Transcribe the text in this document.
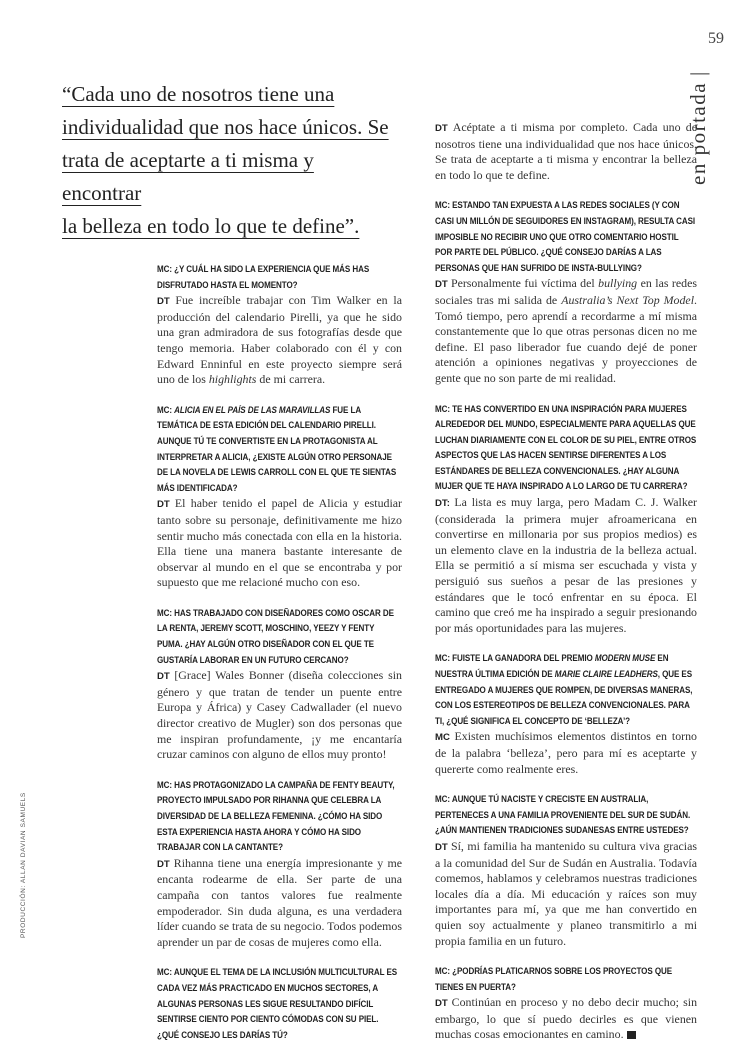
59
en portada|
PRODUCCIÓN: ALLAN DAVIAN SAMUELS

“Cada uno de nosotros tiene una
individualidad que nos hace únicos. Se
trata de aceptarte a ti misma y encontrar
la belleza en todo lo que te define”.

MC: ¿Y CUÁL HA SIDO LA EXPERIENCIA QUE MÁS HAS DISFRUTADO HASTA EL MOMENTO?

DT Fue increíble trabajar con Tim Walker en la producción del calendario Pirelli, ya que he sido una gran admiradora de sus fotografías desde que tengo memoria. Haber colaborado con él y con Edward Enninful en este proyecto siempre será uno de los highlights de mi carrera.

MC: ALICIA EN EL PAÍS DE LAS MARAVILLAS FUE LA TEMÁTICA DE ESTA EDICIÓN DEL CALENDARIO PIRELLI. AUNQUE TÚ TE CONVERTISTE EN LA PROTAGONISTA AL INTERPRETAR A ALICIA, ¿EXISTE ALGÚN OTRO PERSONAJE DE LA NOVELA DE LEWIS CARROLL CON EL QUE TE SIENTAS MÁS IDENTIFICADA?

DT El haber tenido el papel de Alicia y estudiar tanto sobre su personaje, definitivamente me hizo sentir mucho más conectada con ella en la historia. Ella tiene una manera bastante interesante de observar al mundo en el que se encontraba y por supuesto que me relacioné mucho con eso.

MC: HAS TRABAJADO CON DISEÑADORES COMO OSCAR DE LA RENTA, JEREMY SCOTT, MOSCHINO, YEEZY Y FENTY PUMA. ¿HAY ALGÚN OTRO DISEÑADOR CON EL QUE TE GUSTARÍA LABORAR EN UN FUTURO CERCANO?

DT [Grace] Wales Bonner (diseña colecciones sin género y que tratan de tender un puente entre Europa y África) y Casey Cadwallader (el nuevo director creativo de Mugler) son dos personas que me inspiran profundamente, ¡y me encantaría cruzar caminos con alguno de ellos muy pronto!

MC: HAS PROTAGONIZADO LA CAMPAÑA DE FENTY BEAUTY, PROYECTO IMPULSADO POR RIHANNA QUE CELEBRA LA DIVERSIDAD DE LA BELLEZA FEMENINA. ¿CÓMO HA SIDO ESTA EXPERIENCIA HASTA AHORA Y CÓMO HA SIDO TRABAJAR CON LA CANTANTE?

DT Rihanna tiene una energía impresionante y me encanta rodearme de ella. Ser parte de una campaña con tantos valores fue realmente empoderador. Sin duda alguna, es una verdadera líder cuando se trata de su negocio. Todos podemos aprender un par de cosas de mujeres como ella.

MC: AUNQUE EL TEMA DE LA INCLUSIÓN MULTICULTURAL ES CADA VEZ MÁS PRACTICADO EN MUCHOS SECTORES, A ALGUNAS PERSONAS LES SIGUE RESULTANDO DIFÍCIL SENTIRSE CIENTO POR CIENTO CÓMODAS CON SU PIEL. ¿QUÉ CONSEJO LES DARÍAS TÚ?

DT Acéptate a ti misma por completo. Cada uno de nosotros tiene una individualidad que nos hace únicos. Se trata de aceptarte a ti misma y encontrar la belleza en todo lo que te define.

MC: ESTANDO TAN EXPUESTA A LAS REDES SOCIALES (Y CON CASI UN MILLÓN DE SEGUIDORES EN INSTAGRAM), RESULTA CASI IMPOSIBLE NO RECIBIR UNO QUE OTRO COMENTARIO HOSTIL POR PARTE DEL PÚBLICO. ¿QUÉ CONSEJO DARÍAS A LAS PERSONAS QUE HAN SUFRIDO DE INSTA-BULLYING?

DT Personalmente fui víctima del bullying en las redes sociales tras mi salida de Australia’s Next Top Model. Tomó tiempo, pero aprendí a recordarme a mí misma constantemente que lo que otras personas dicen no me define. El paso liberador fue cuando dejé de poner atención a opiniones negativas y proyecciones de gente que no son parte de mi realidad.

MC: TE HAS CONVERTIDO EN UNA INSPIRACIÓN PARA MUJERES ALREDEDOR DEL MUNDO, ESPECIALMENTE PARA AQUELLAS QUE LUCHAN DIARIAMENTE CON EL COLOR DE SU PIEL, ENTRE OTROS ASPECTOS QUE LAS HACEN SENTIRSE DIFERENTES A LOS ESTÁNDARES DE BELLEZA CONVENCIONALES. ¿HAY ALGUNA MUJER QUE TE HAYA INSPIRADO A LO LARGO DE TU CARRERA?

DT: La lista es muy larga, pero Madam C. J. Walker (considerada la primera mujer afroamericana en convertirse en millonaria por sus propios medios) es un elemento clave en la industria de la belleza actual. Ella se permitió a sí misma ser escuchada y vista y persiguió sus sueños a pesar de las presiones y estándares que le tocó enfrentar en su época. El camino que creó me ha inspirado a seguir presionando por más oportunidades para las mujeres.

MC: FUISTE LA GANADORA DEL PREMIO MODERN MUSE EN NUESTRA ÚLTIMA EDICIÓN DE MARIE CLAIRE LEADHERS, QUE ES ENTREGADO A MUJERES QUE ROMPEN, DE DIVERSAS MANERAS, CON LOS ESTEREOTIPOS DE BELLEZA CONVENCIONALES. PARA TI, ¿QUÉ SIGNIFICA EL CONCEPTO DE ‘BELLEZA’?

MC Existen muchísimos elementos distintos en torno de la palabra ‘belleza’, pero para mí es aceptarte y quererte como realmente eres.

MC: AUNQUE TÚ NACISTE Y CRECISTE EN AUSTRALIA, PERTENECES A UNA FAMILIA PROVENIENTE DEL SUR DE SUDÁN. ¿AÚN MANTIENEN TRADICIONES SUDANESAS ENTRE USTEDES?

DT Sí, mi familia ha mantenido su cultura viva gracias a la comunidad del Sur de Sudán en Australia. Todavía comemos, hablamos y celebramos nuestras tradiciones locales día a día. Mi educación y raíces son muy importantes para mí, ya que me han convertido en quien soy actualmente y planeo transmitirlo a mi propia familia en un futuro.

MC: ¿PODRÍAS PLATICARNOS SOBRE LOS PROYECTOS QUE TIENES EN PUERTA?

DT Continúan en proceso y no debo decir mucho; sin embargo, lo que sí puedo decirles es que vienen muchas cosas emocionantes en camino.
